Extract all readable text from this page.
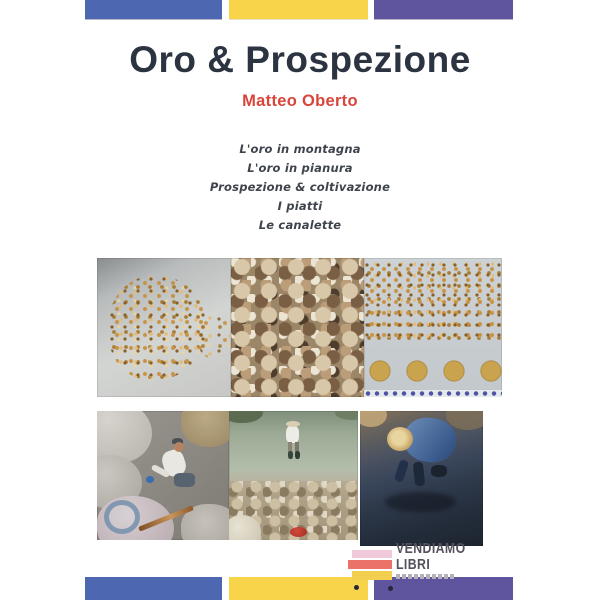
Oro & Prospezione
Matteo Oberto
L'oro in montagna
L'oro in pianura
Prospezione & coltivazione
I piatti
Le canalette
VENDIAMO
LIBRI
